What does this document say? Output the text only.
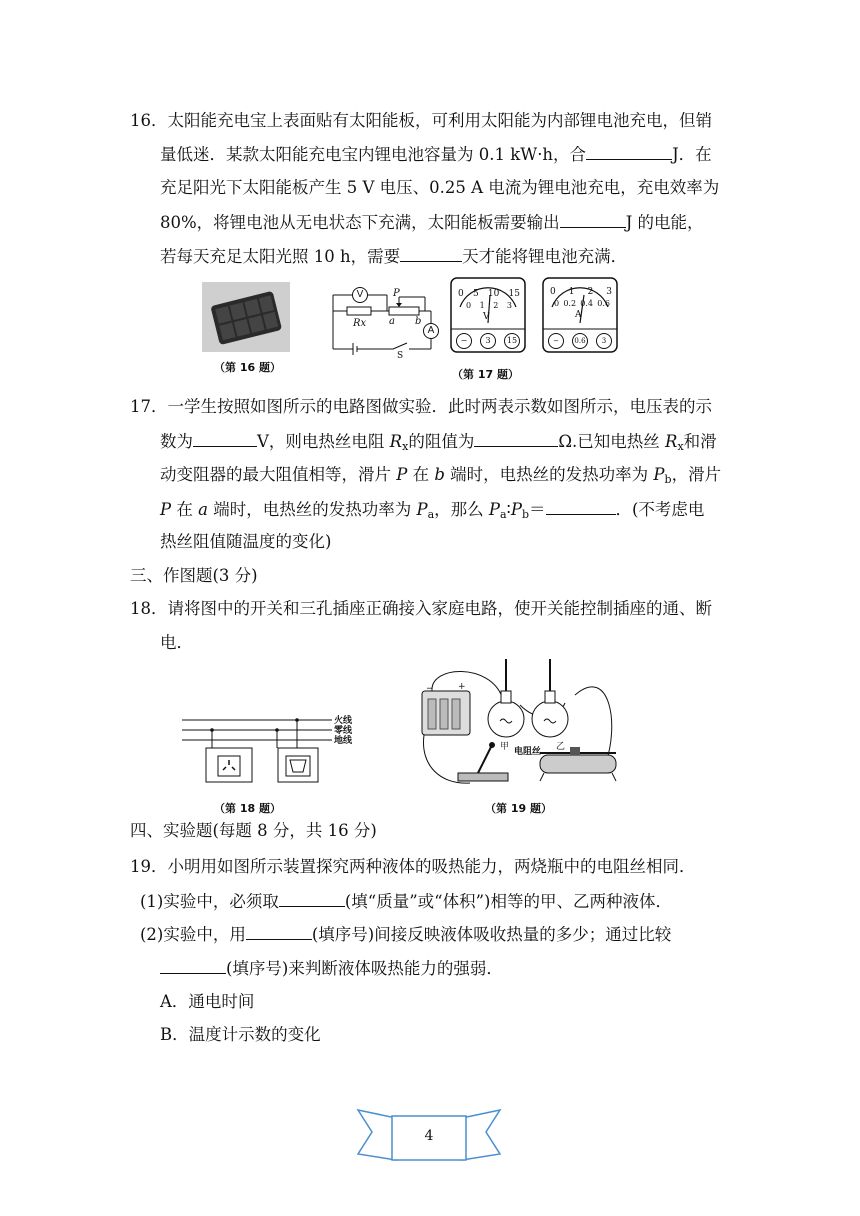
16．太阳能充电宝上表面贴有太阳能板，可利用太阳能为内部锂电池充电，但销
量低迷．某款太阳能充电宝内锂电池容量为 0.1 kW·h，合	J．在
充足阳光下太阳能板产生 5 V 电压、0.25 A 电流为锂电池充电，充电效率为
80%，将锂电池从无电状态下充满，太阳能板需要输出	J 的电能，
若每天充足太阳光照 10 h，需要	天才能将锂电池充满．
（第 16 题）
V
A
Rx
P
a b
S
0 5 10 15
0 1 2 3
V
−	3	15
0 1 2 3
0 0.2 0.4 0.6
A
−	0.6	3
（第 17 题）
17．一学生按照如图所示的电路图做实验．此时两表示数如图所示，电压表的示
数为	V，则电热丝电阻 $R_x$的阻值为	Ω.已知电热丝 $R_x$和滑
动变阻器的最大阻值相等，滑片 P 在 b 端时，电热丝的发热功率为 $P_b$，滑片
P 在 a 端时，电热丝的发热功率为 $P_a$，那么 $P_a∶P_b=$	．(不考虑电
热丝阻值随温度的变化)
三、作图题(3 分)
18．请将图中的开关和三孔插座正确接入家庭电路，使开关能控制插座的通、断
电．
火线
零线
地线
（第 18 题）
−	+
甲	乙
电阻丝
（第 19 题）
四、实验题(每题 8 分，共 16 分)
19．小明用如图所示装置探究两种液体的吸热能力，两烧瓶中的电阻丝相同．
(1)实验中，必须取	(填“质量”或“体积”)相等的甲、乙两种液体．
(2)实验中，用	(填序号)间接反映液体吸收热量的多少；通过比较
(填序号)来判断液体吸热能力的强弱．
A．通电时间
B．温度计示数的变化
4
